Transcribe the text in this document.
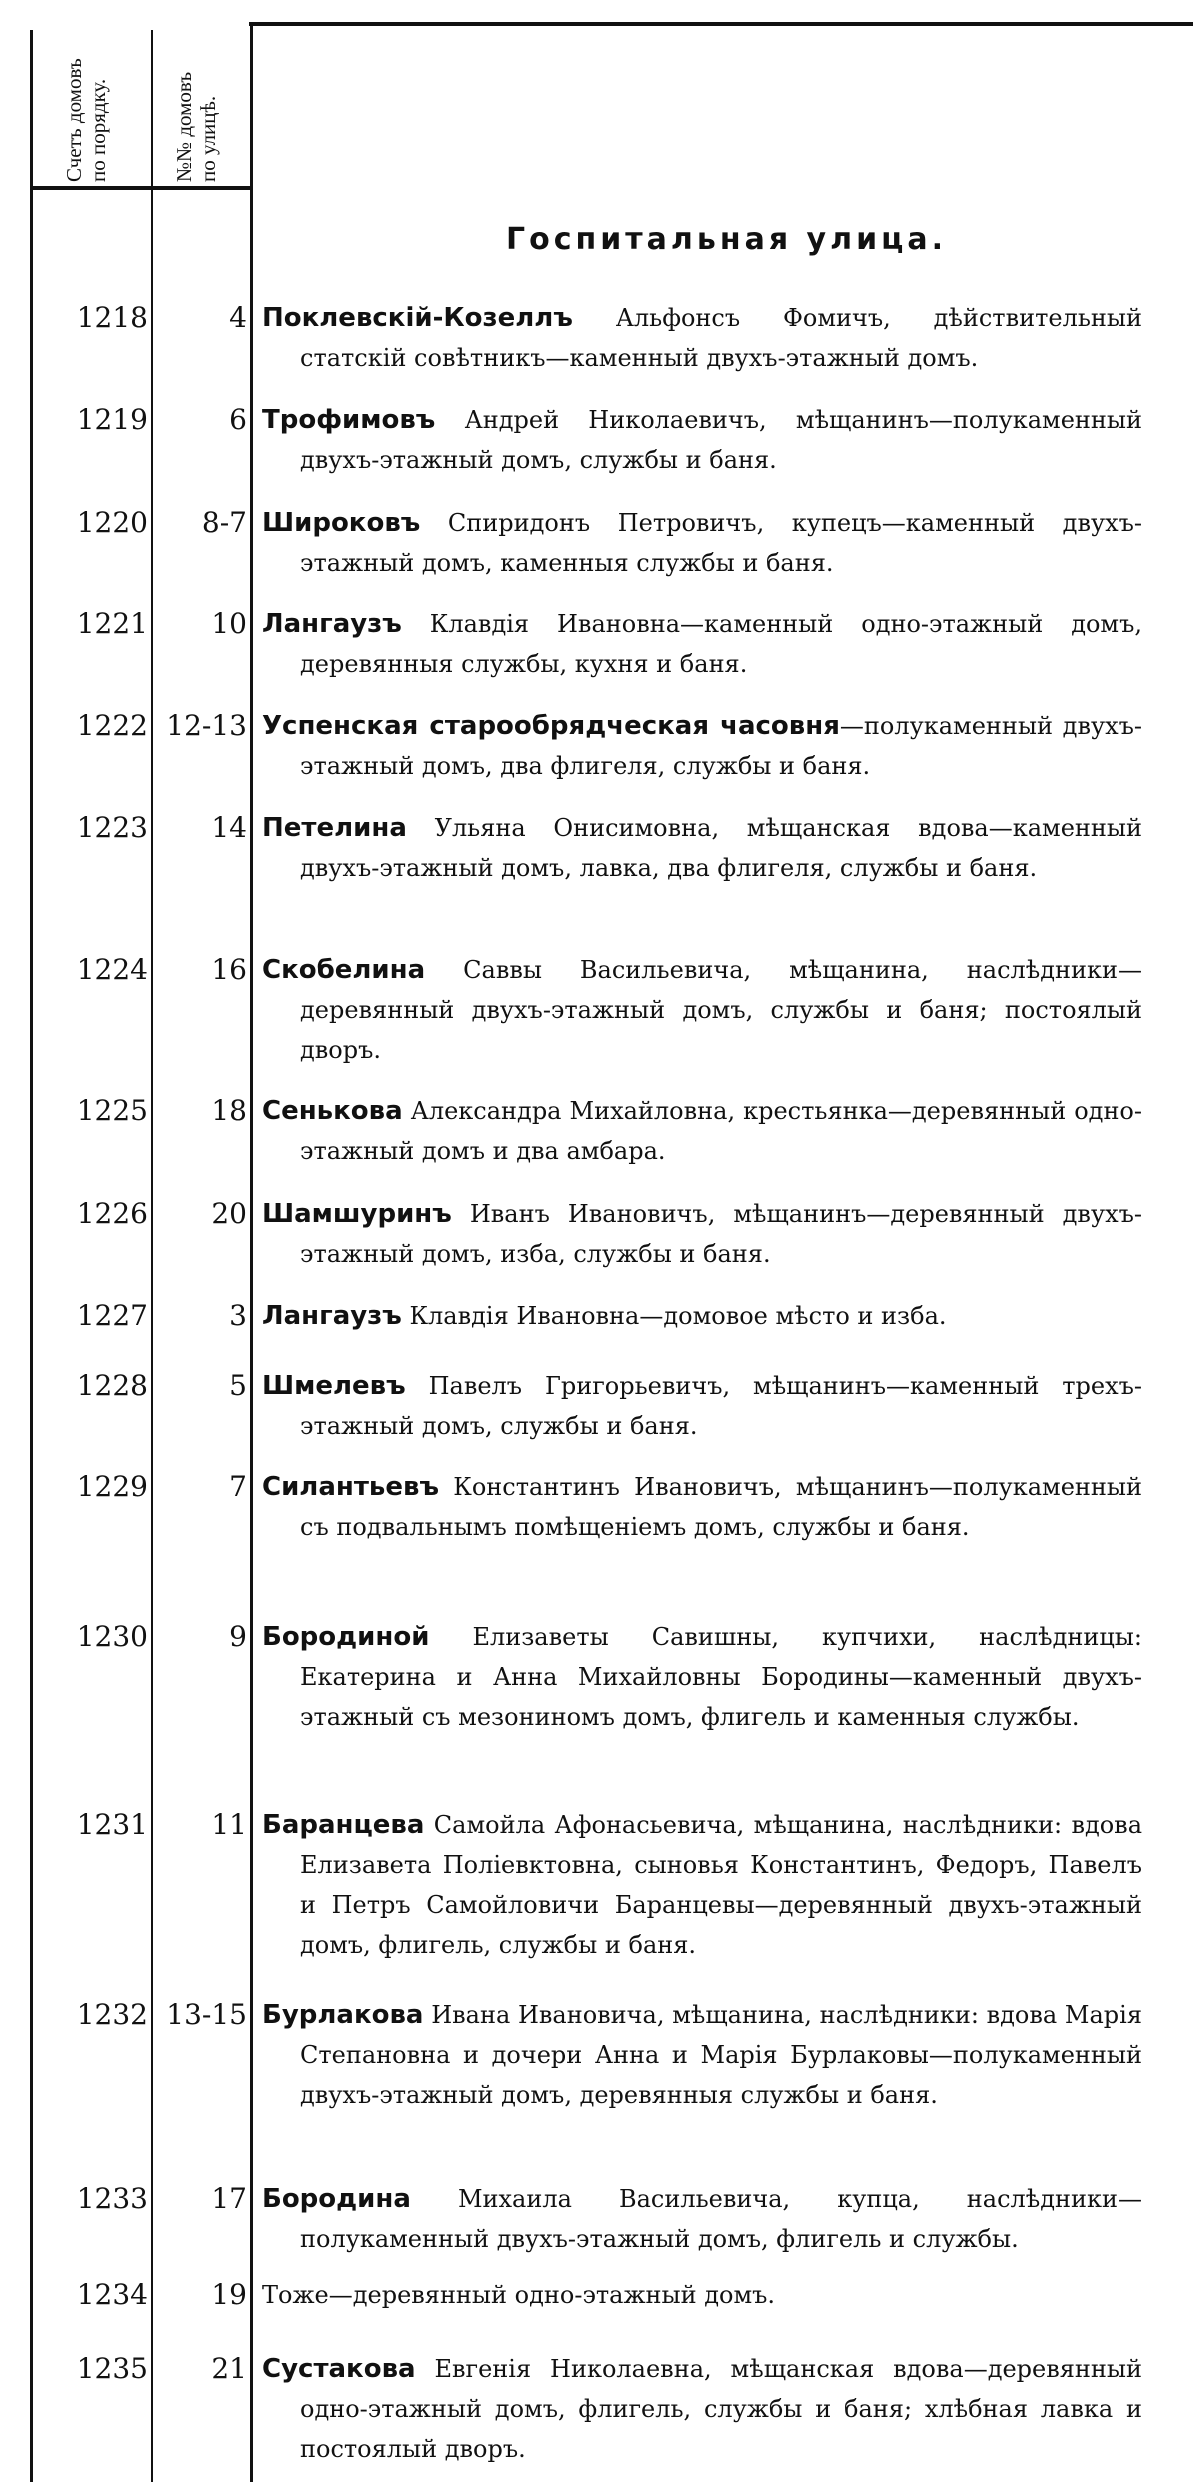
Счетъ домовъ по порядку.	№№ домовъ по улицѣ.
Госпитальная улица.
1218	4 Поклевскій-Козеллъ Альфонсъ Фомичъ, дѣйствительный статскій совѣтникъ—каменный двухъ-этажный домъ.
1219	6 Трофимовъ Андрей Николаевичъ, мѣщанинъ—полукаменный двухъ-этажный домъ, службы и баня.
1220	8-7 Широковъ Спиридонъ Петровичъ, купецъ—каменный двухъ-этажный домъ, каменныя службы и баня.
1221	10 Лангаузъ Клавдія Ивановна—каменный одно-этажный домъ, деревянныя службы, кухня и баня.
1222 12-13 Успенская старообрядческая часовня—полукаменный двухъ-этажный домъ, два флигеля, службы и баня.
1223	14 Петелина Ульяна Онисимовна, мѣщанская вдова—каменный двухъ-этажный домъ, лавка, два флигеля, службы и баня.
1224	16 Скобелина Саввы Васильевича, мѣщанина, наслѣдники—деревянный двухъ-этажный домъ, службы и баня; постоялый дворъ.
1225	18 Сенькова Александра Михайловна, крестьянка—деревянный одно-этажный домъ и два амбара.
1226	20 Шамшуринъ Иванъ Ивановичъ, мѣщанинъ—деревянный двухъ-этажный домъ, изба, службы и баня.
1227	3 Лангаузъ Клавдія Ивановна—домовое мѣсто и изба.
1228	5 Шмелевъ Павелъ Григорьевичъ, мѣщанинъ—каменный трехъ-этажный домъ, службы и баня.
1229	7 Силантьевъ Константинъ Ивановичъ, мѣщанинъ—полукаменный съ подвальнымъ помѣщеніемъ домъ, службы и баня.
1230	9 Бородиной Елизаветы Савишны, купчихи, наслѣдницы: Екатерина и Анна Михайловны Бородины—каменный двухъ-этажный съ мезониномъ домъ, флигель и каменныя службы.
1231	11 Баранцева Самойла Афонасьевича, мѣщанина, наслѣдники: вдова Елизавета Поліевктовна, сыновья Константинъ, Федоръ, Павелъ и Петръ Самойловичи Баранцевы—деревянный двухъ-этажный домъ, флигель, службы и баня.
1232 13-15 Бурлакова Ивана Ивановича, мѣщанина, наслѣдники: вдова Марія Степановна и дочери Анна и Марія Бурлаковы—полукаменный двухъ-этажный домъ, деревянныя службы и баня.
1233	17 Бородина Михаила Васильевича, купца, наслѣдники—полукаменный двухъ-этажный домъ, флигель и службы.
1234	19 Тоже—деревянный одно-этажный домъ.
1235	21 Сустакова Евгенія Николаевна, мѣщанская вдова—деревянный одно-этажный домъ, флигель, службы и баня; хлѣбная лавка и постоялый дворъ.
